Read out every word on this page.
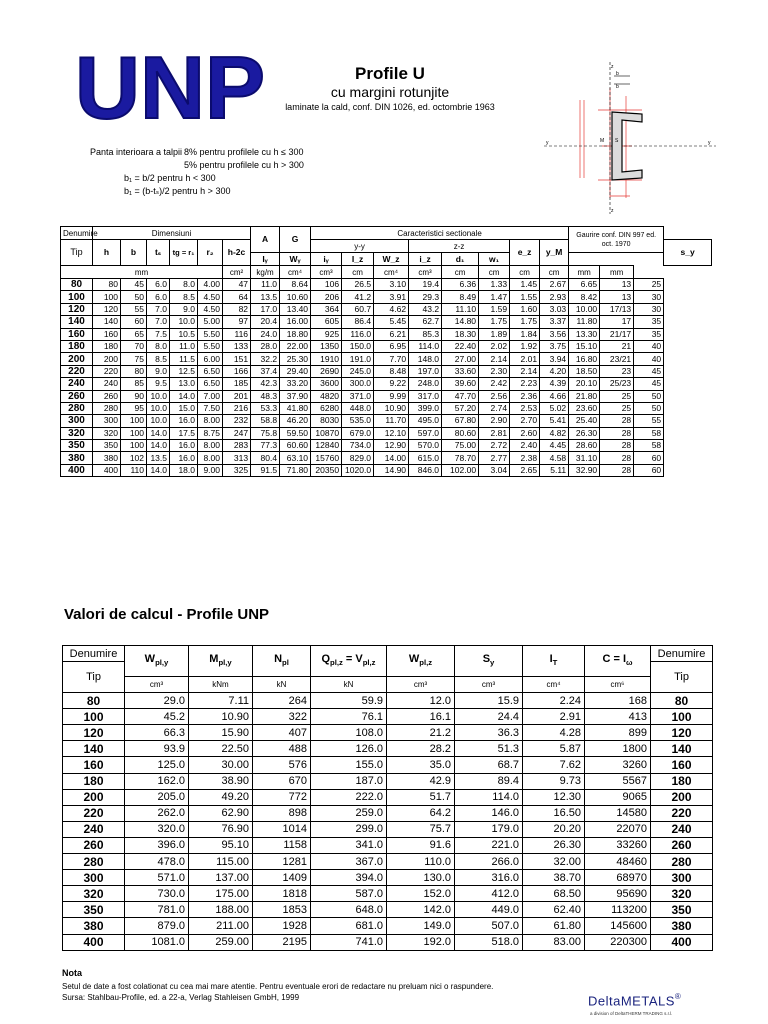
UNP	Profile U
cu margini rotunjite
laminate la cald, conf. DIN 1026, ed. octombrie 1963
Panta interioara a talpii 8% pentru profilele cu h ≤ 300
5% pentru profilele cu h > 300
b₁ = b/2 pentru h < 300
b₁ = (b-tₛ)/2 pentru h > 300
z
y	y
z
b
b
M S
Denumire	Dimensiuni						A	G	Caracteristici sectionale								Gaurire conf. DIN 997 ed. oct. 1970			
Tip	h	b	tₛ	tg = r₁	r₂	h-2c			y-y			z-z			e_z	y_M				s_y
							Iᵧ	Wᵧ	iᵧ	I_z	W_z	i_z	d₁	w₁						
mm						cm²	kg/m	cm⁴	cm³	cm	cm⁴	cm³	cm	cm	cm	cm	mm	mm		
80	80	45	6.0	8.0	4.00	47	11.0	8.64	106	26.5	3.10	19.4	6.36	1.33	1.45	2.67	6.65	13	25	
100	100	50	6.0	8.5	4.50	64	13.5	10.60	206	41.2	3.91	29.3	8.49	1.47	1.55	2.93	8.42	13	30	
120	120	55	7.0	9.0	4.50	82	17.0	13.40	364	60.7	4.62	43.2	11.10	1.59	1.60	3.03	10.00	17/13	30	
140	140	60	7.0	10.0	5.00	97	20.4	16.00	605	86.4	5.45	62.7	14.80	1.75	1.75	3.37	11.80	17	35	
160	160	65	7.5	10.5	5.50	116	24.0	18.80	925	116.0	6.21	85.3	18.30	1.89	1.84	3.56	13.30	21/17	35	
180	180	70	8.0	11.0	5.50	133	28.0	22.00	1350	150.0	6.95	114.0	22.40	2.02	1.92	3.75	15.10	21	40	
200	200	75	8.5	11.5	6.00	151	32.2	25.30	1910	191.0	7.70	148.0	27.00	2.14	2.01	3.94	16.80	23/21	40	
220	220	80	9.0	12.5	6.50	166	37.4	29.40	2690	245.0	8.48	197.0	33.60	2.30	2.14	4.20	18.50	23	45	
240	240	85	9.5	13.0	6.50	185	42.3	33.20	3600	300.0	9.22	248.0	39.60	2.42	2.23	4.39	20.10	25/23	45	
260	260	90	10.0	14.0	7.00	201	48.3	37.90	4820	371.0	9.99	317.0	47.70	2.56	2.36	4.66	21.80	25	50	
280	280	95	10.0	15.0	7.50	216	53.3	41.80	6280	448.0	10.90	399.0	57.20	2.74	2.53	5.02	23.60	25	50	
300	300	100	10.0	16.0	8.00	232	58.8	46.20	8030	535.0	11.70	495.0	67.80	2.90	2.70	5.41	25.40	28	55	
320	320	100	14.0	17.5	8.75	247	75.8	59.50	10870	679.0	12.10	597.0	80.60	2.81	2.60	4.82	26.30	28	58	
350	350	100	14.0	16.0	8.00	283	77.3	60.60	12840	734.0	12.90	570.0	75.00	2.72	2.40	4.45	28.60	28	58	
380	380	102	13.5	16.0	8.00	313	80.4	63.10	15760	829.0	14.00	615.0	78.70	2.77	2.38	4.58	31.10	28	60	
400	400	110	14.0	18.0	9.00	325	91.5	71.80	20350	1020.0	14.90	846.0	102.00	3.04	2.65	5.11	32.90	28	60	
Valori de calcul - Profile UNP
Denumire	$W_{pl,y}$	$M_{pl,y}$	$N_{pl}$	$Q_{pl,z} = V_{pl,z}$	$W_{pl,z}$	$S_y$	$I_T$	$C = I_\omega$	Denumire
Tip									Tip
	cm³	kNm	kN	kN	cm³	cm³	cm⁴	cm⁶	
80	29.0	7.11	264	59.9	12.0	15.9	2.24	168	80
100	45.2	10.90	322	76.1	16.1	24.4	2.91	413	100
120	66.3	15.90	407	108.0	21.2	36.3	4.28	899	120
140	93.9	22.50	488	126.0	28.2	51.3	5.87	1800	140
160	125.0	30.00	576	155.0	35.0	68.7	7.62	3260	160
180	162.0	38.90	670	187.0	42.9	89.4	9.73	5567	180
200	205.0	49.20	772	222.0	51.7	114.0	12.30	9065	200
220	262.0	62.90	898	259.0	64.2	146.0	16.50	14580	220
240	320.0	76.90	1014	299.0	75.7	179.0	20.20	22070	240
260	396.0	95.10	1158	341.0	91.6	221.0	26.30	33260	260
280	478.0	115.00	1281	367.0	110.0	266.0	32.00	48460	280
300	571.0	137.00	1409	394.0	130.0	316.0	38.70	68970	300
320	730.0	175.00	1818	587.0	152.0	412.0	68.50	95690	320
350	781.0	188.00	1853	648.0	142.0	449.0	62.40	113200	350
380	879.0	211.00	1928	681.0	149.0	507.0	61.80	145600	380
400	1081.0	259.00	2195	741.0	192.0	518.0	83.00	220300	400
Nota
Setul de date a fost colationat cu cea mai mare atentie. Pentru eventuale erori de redactare nu preluam nici o raspundere.
Sursa: Stahlbau-Profile, ed. a 22-a, Verlag Stahleisen GmbH, 1999	DeltaMETALS®
a division of DeltaTHERM TRADING s.r.l.
